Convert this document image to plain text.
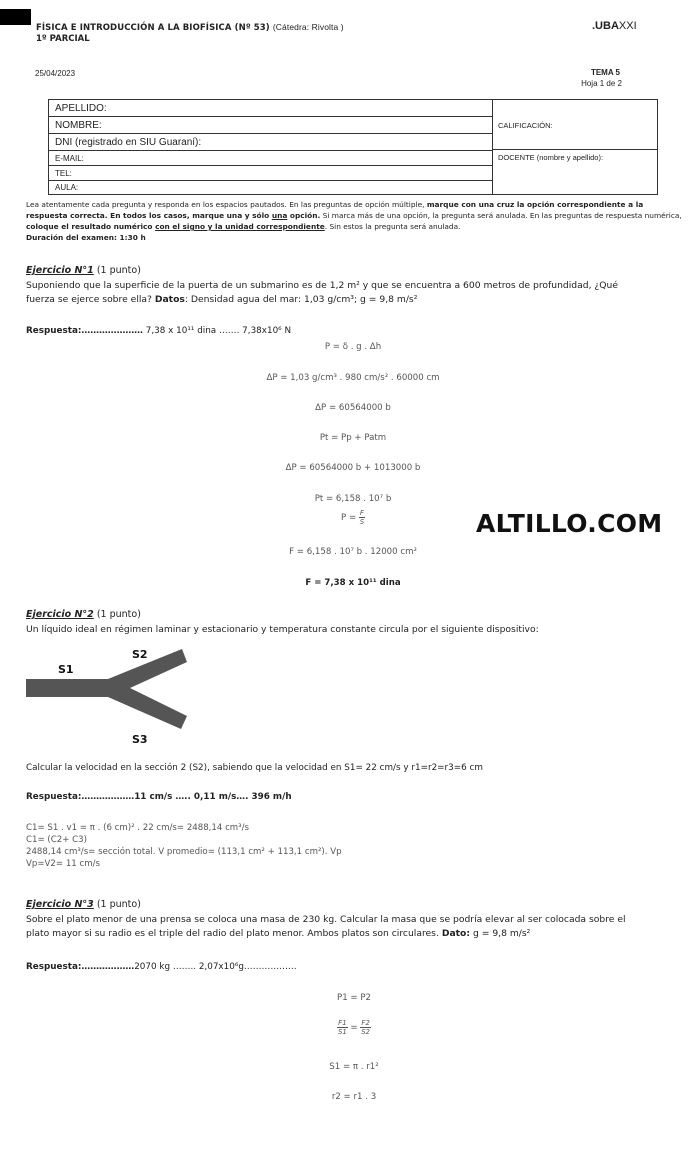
FÍSICA E INTRODUCCIÓN A LA BIOFÍSICA (Nº 53) (Cátedra: Rivolta )
1º PARCIAL
.UBAXXI
25/04/2023	TEMA 5
Hoja 1 de 2
APELLIDO:
NOMBRE:
DNI (registrado en SIU Guaraní):
E-MAIL:
TEL:
AULA:
CALIFICACIÓN:
DOCENTE (nombre y apellido):
Lea atentamente cada pregunta y responda en los espacios pautados. En las preguntas de opción múltiple, marque con una cruz la opción correspondiente a la respuesta correcta. En todos los casos, marque una y sólo una opción. Si marca más de una opción, la pregunta será anulada. En las preguntas de respuesta numérica, coloque el resultado numérico con el signo y la unidad correspondiente. Sin estos la pregunta será anulada.
Duración del examen: 1:30 h
Ejercicio N°1 (1 punto)
Suponiendo que la superficie de la puerta de un submarino es de 1,2 m² y que se encuentra a 600 metros de profundidad, ¿Qué
fuerza se ejerce sobre ella? Datos: Densidad agua del mar: 1,03 g/cm³; g = 9,8 m/s²
Respuesta:………………… 7,38 x 10¹¹ dina ……. 7,38x10⁶ N
P = δ . g . Δh
ΔP = 1,03 g/cm³ . 980 cm/s² . 60000 cm
ΔP = 60564000 b
Pt = Pp + Patm
ΔP = 60564000 b + 1013000 b
Pt = 6,158 . 10⁷ b
$P = \frac{F}{S}$
F = 6,158 . 10⁷ b . 12000 cm²
F = 7,38 x 10¹¹ dina
ALTILLO.COM
Ejercicio N°2 (1 punto)
Un líquido ideal en régimen laminar y estacionario y temperatura constante circula por el siguiente dispositivo:
S1
S2
S3
Calcular la velocidad en la sección 2 (S2), sabiendo que la velocidad en S1= 22 cm/s y r1=r2=r3=6 cm
Respuesta:………………11 cm/s ….. 0,11 m/s…. 396 m/h
C1= S1 . v1 = π . (6 cm)² . 22 cm/s= 2488,14 cm³/s
C1= (C2+ C3)
2488,14 cm³/s= sección total. V promedio= (113,1 cm² + 113,1 cm²). Vp
Vp=V2= 11 cm/s
Ejercicio N°3 (1 punto)
Sobre el plato menor de una prensa se coloca una masa de 230 kg. Calcular la masa que se podría elevar al ser colocada sobre el
plato mayor si su radio es el triple del radio del plato menor. Ambos platos son circulares. Dato: g = 9,8 m/s²
Respuesta:………………2070 kg …….. 2,07x10⁶g………………
P1 = P2
$\frac{F1}{S1} = \frac{F2}{S2}$
S1 = π . r1²
r2 = r1 . 3
